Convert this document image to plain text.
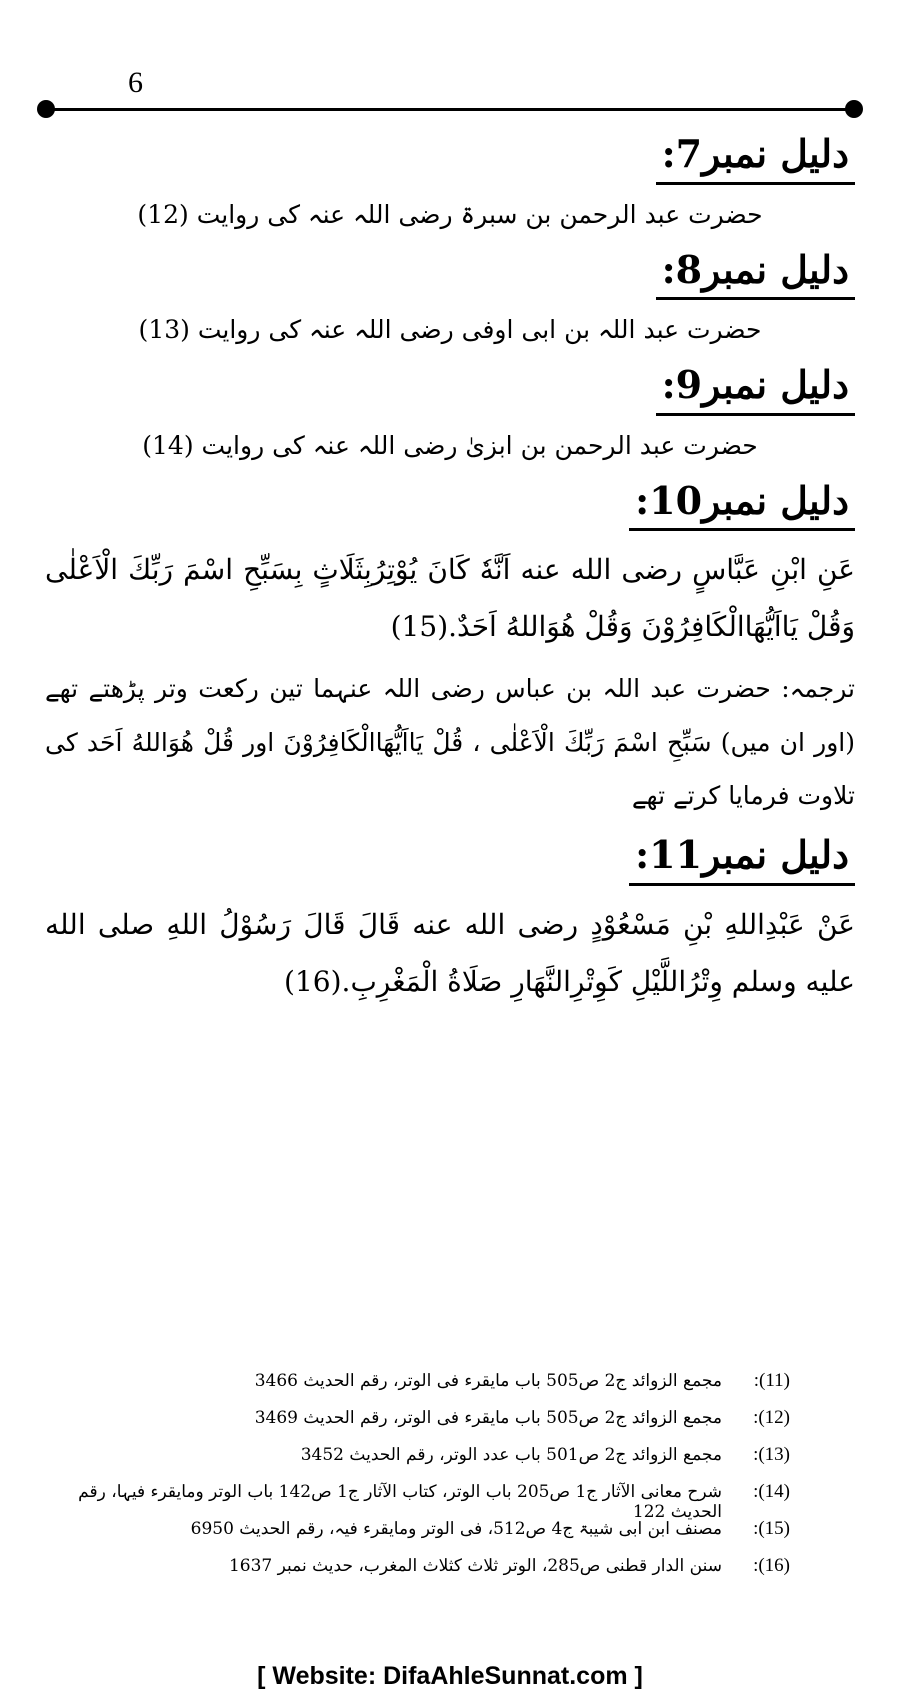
6
دلیل نمبر7:
حضرت عبد الرحمن بن سبرۃ رضی اللہ عنہ کی روایت (12)
دلیل نمبر8:
حضرت عبد اللہ بن ابی اوفی رضی اللہ عنہ کی روایت (13)
دلیل نمبر9:
حضرت عبد الرحمن بن ابزیٰ رضی اللہ عنہ کی روایت (14)
دلیل نمبر10:
عَنِ ابْنِ عَبَّاسٍ رضی الله عنه اَنَّهٗ كَانَ يُوْتِرُبِثَلَاثٍ بِسَبِّحِ اسْمَ رَبِّكَ الْاَعْلٰى وَقُلْ يَااَيُّهَاالْكَافِرُوْنَ وَقُلْ هُوَاللهُ اَحَدٌ.(15)
ترجمہ: حضرت عبد اللہ بن عباس رضی اللہ عنہما تین رکعت وتر پڑھتے تھے (اور ان میں) سَبِّحِ اسْمَ رَبِّكَ الْاَعْلٰى ، قُلْ يَااَيُّهَاالْكَافِرُوْنَ اور قُلْ هُوَاللهُ اَحَد کی تلاوت فرمایا کرتے تھے
دلیل نمبر11:
عَنْ عَبْدِاللهِ بْنِ مَسْعُوْدٍ رضی الله عنه قَالَ قَالَ رَسُوْلُ اللهِ صلی الله علیه وسلم وِتْرُاللَّيْلِ كَوِتْرِالنَّهَارِ صَلَاةُ الْمَغْرِبِ.(16)
(11):
مجمع الزوائد ج2 ص505 باب مایقرء فی الوتر، رقم الحدیث 3466
(12):
مجمع الزوائد ج2 ص505 باب مایقرء فی الوتر، رقم الحدیث 3469
(13):
مجمع الزوائد ج2 ص501 باب عدد الوتر، رقم الحدیث 3452
(14):
شرح معانی الآثار ج1 ص205 باب الوتر، کتاب الآثار ج1 ص142 باب الوتر ومایقرء فیہا، رقم الحدیث 122
(15):
مصنف ابن ابی شیبۃ ج4 ص512، فی الوتر ومایقرء فیہ، رقم الحدیث 6950
(16):
سنن الدار قطنی ص285، الوتر ثلاث کثلاث المغرب، حدیث نمبر 1637
[ Website: DifaAhleSunnat.com ]
